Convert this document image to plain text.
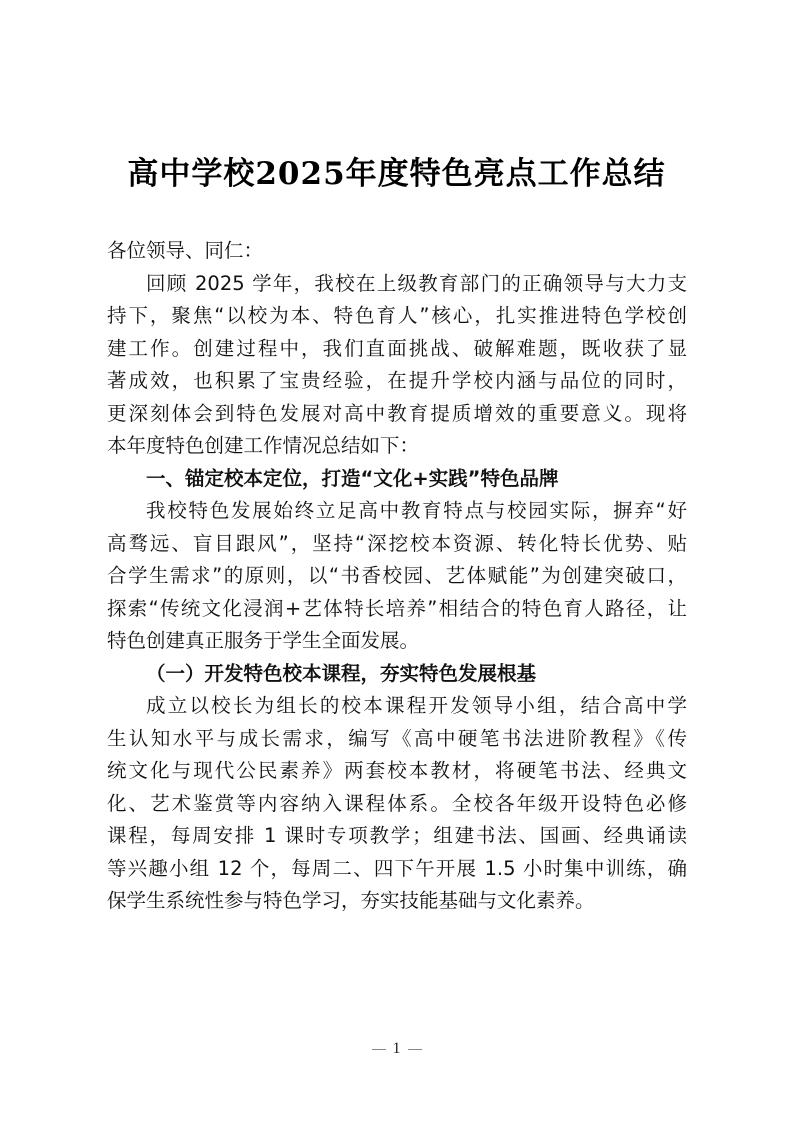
高中学校2025年度特色亮点工作总结
各位领导、同仁：
回顾 2025 学年，我校在上级教育部门的正确领导与大力支
持下，聚焦“以校为本、特色育人”核心，扎实推进特色学校创
建工作。创建过程中，我们直面挑战、破解难题，既收获了显
著成效，也积累了宝贵经验，在提升学校内涵与品位的同时，
更深刻体会到特色发展对高中教育提质增效的重要意义。现将
本年度特色创建工作情况总结如下：
一、锚定校本定位，打造“文化+实践”特色品牌
我校特色发展始终立足高中教育特点与校园实际，摒弃“好
高骛远、盲目跟风”，坚持“深挖校本资源、转化特长优势、贴
合学生需求”的原则，以“书香校园、艺体赋能”为创建突破口，
探索“传统文化浸润+艺体特长培养”相结合的特色育人路径，让
特色创建真正服务于学生全面发展。
（一）开发特色校本课程，夯实特色发展根基
成立以校长为组长的校本课程开发领导小组，结合高中学
生认知水平与成长需求，编写《高中硬笔书法进阶教程》《传
统文化与现代公民素养》两套校本教材，将硬笔书法、经典文
化、艺术鉴赏等内容纳入课程体系。全校各年级开设特色必修
课程，每周安排 1 课时专项教学；组建书法、国画、经典诵读
等兴趣小组 12 个，每周二、四下午开展 1.5 小时集中训练，确
保学生系统性参与特色学习，夯实技能基础与文化素养。
1
